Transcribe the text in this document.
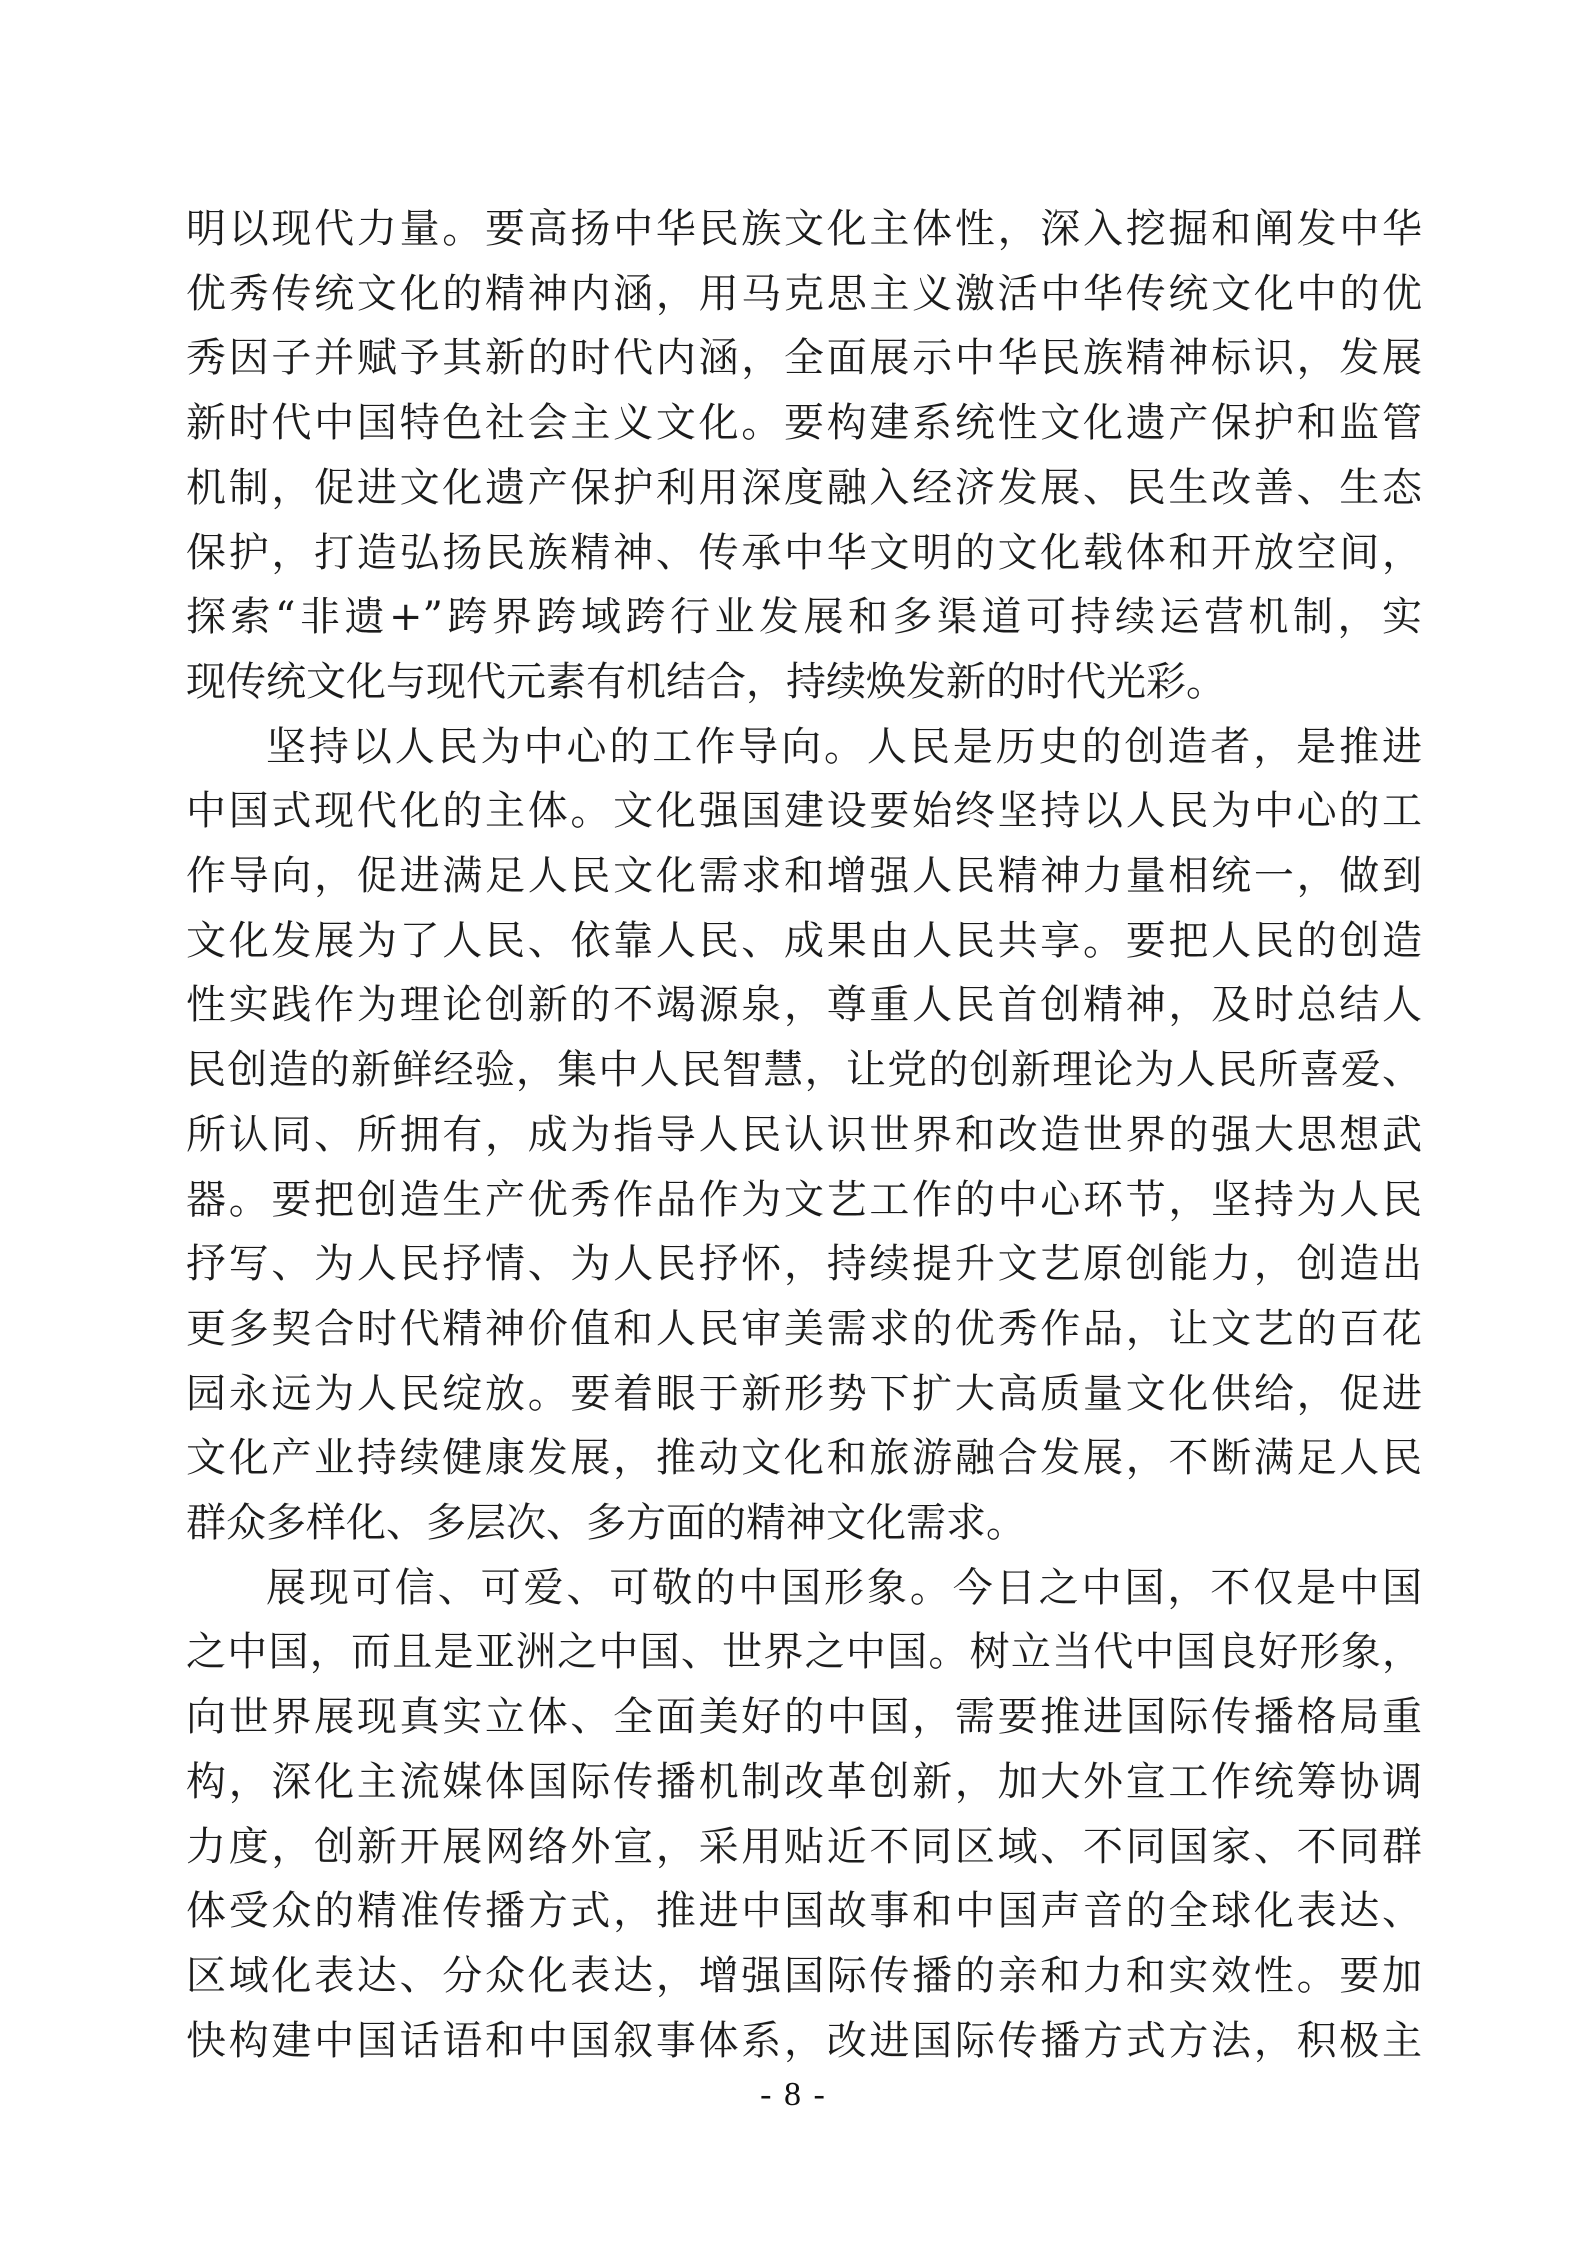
明以现代力量。要高扬中华民族文化主体性，深入挖掘和阐发中华
优秀传统文化的精神内涵，用马克思主义激活中华传统文化中的优
秀因子并赋予其新的时代内涵，全面展示中华民族精神标识，发展
新时代中国特色社会主义文化。要构建系统性文化遗产保护和监管
机制，促进文化遗产保护利用深度融入经济发展、民生改善、生态
保护，打造弘扬民族精神、传承中华文明的文化载体和开放空间，
探索“非遗+”跨界跨域跨行业发展和多渠道可持续运营机制，实
现传统文化与现代元素有机结合，持续焕发新的时代光彩。
坚持以人民为中心的工作导向。人民是历史的创造者，是推进
中国式现代化的主体。文化强国建设要始终坚持以人民为中心的工
作导向，促进满足人民文化需求和增强人民精神力量相统一，做到
文化发展为了人民、依靠人民、成果由人民共享。要把人民的创造
性实践作为理论创新的不竭源泉，尊重人民首创精神，及时总结人
民创造的新鲜经验，集中人民智慧，让党的创新理论为人民所喜爱、
所认同、所拥有，成为指导人民认识世界和改造世界的强大思想武
器。要把创造生产优秀作品作为文艺工作的中心环节，坚持为人民
抒写、为人民抒情、为人民抒怀，持续提升文艺原创能力，创造出
更多契合时代精神价值和人民审美需求的优秀作品，让文艺的百花
园永远为人民绽放。要着眼于新形势下扩大高质量文化供给，促进
文化产业持续健康发展，推动文化和旅游融合发展，不断满足人民
群众多样化、多层次、多方面的精神文化需求。
展现可信、可爱、可敬的中国形象。今日之中国，不仅是中国
之中国，而且是亚洲之中国、世界之中国。树立当代中国良好形象，
向世界展现真实立体、全面美好的中国，需要推进国际传播格局重
构，深化主流媒体国际传播机制改革创新，加大外宣工作统筹协调
力度，创新开展网络外宣，采用贴近不同区域、不同国家、不同群
体受众的精准传播方式，推进中国故事和中国声音的全球化表达、
区域化表达、分众化表达，增强国际传播的亲和力和实效性。要加
快构建中国话语和中国叙事体系，改进国际传播方式方法，积极主
- 8 -
